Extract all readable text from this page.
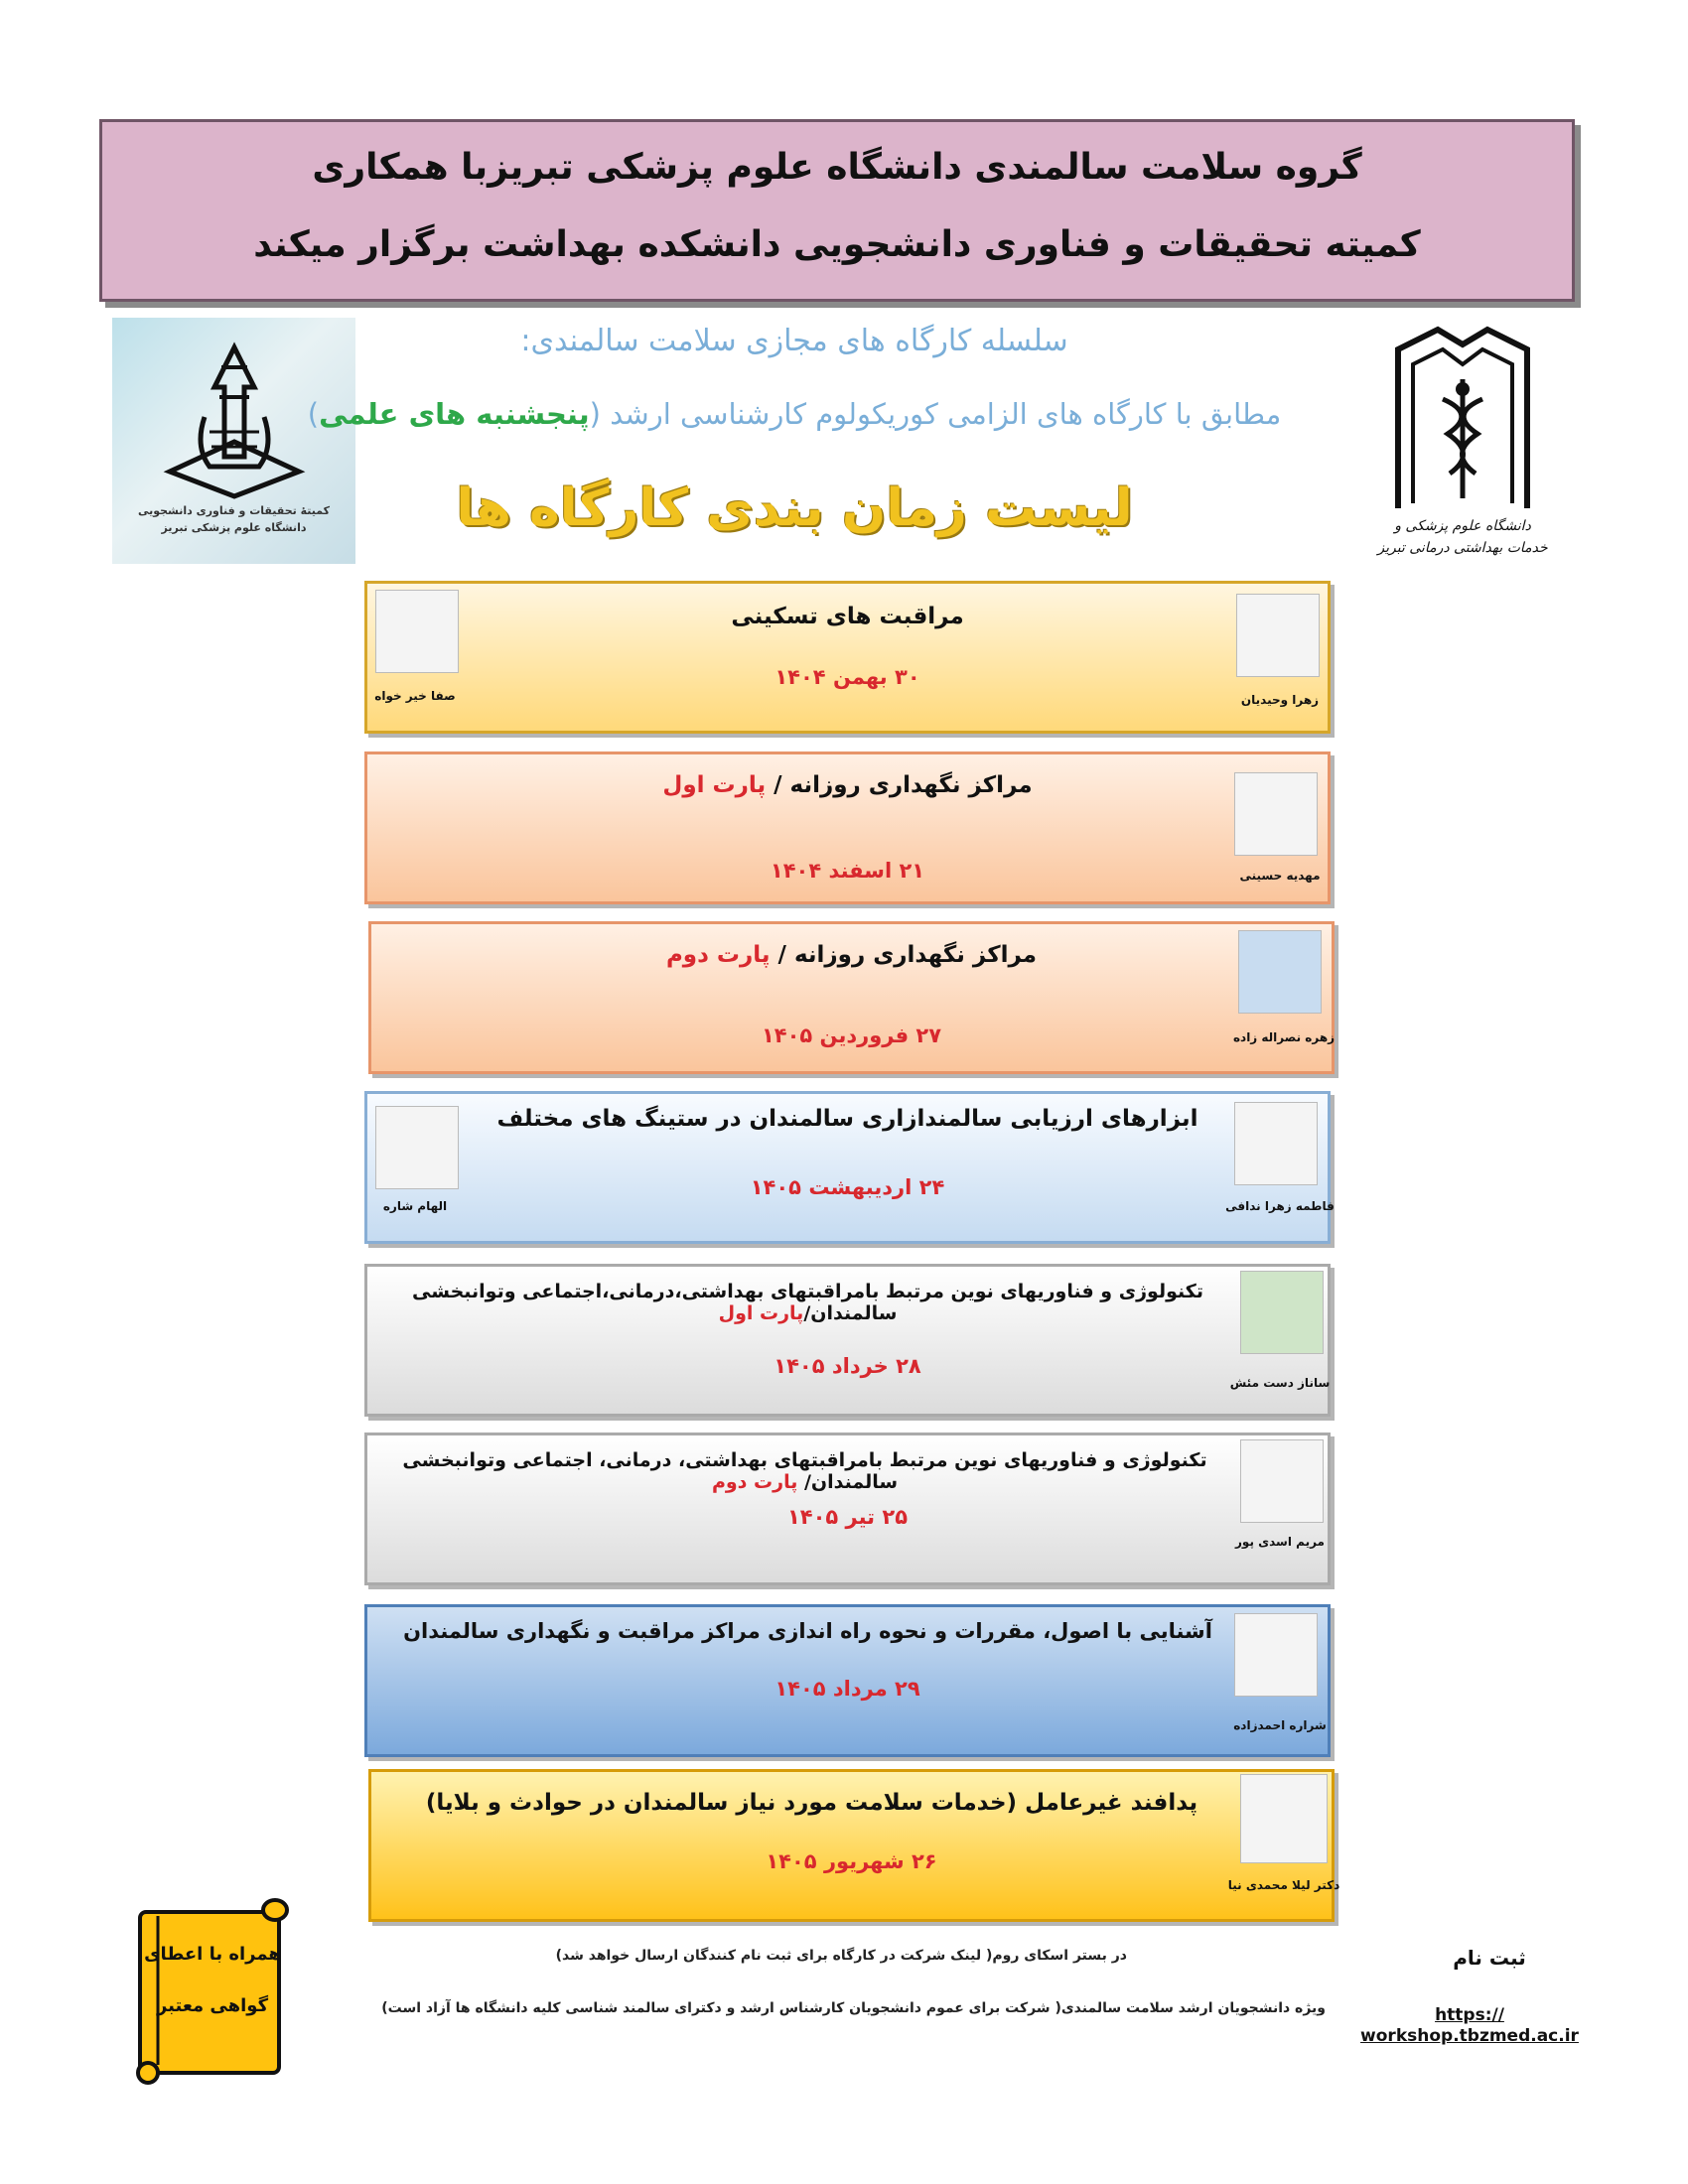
گروه سلامت سالمندی دانشگاه علوم پزشکی تبریزبا همکاری
کمیته تحقیقات و فناوری دانشجویی دانشکده بهداشت برگزار میکند
کمیتهٔ تحقیقات و فناوری دانشجویی
دانشگاه علوم پزشکی تبریز	دانشگاه علوم پزشکی و
خدمات بهداشتی درمانی تبریز
سلسله کارگاه های مجازی سلامت سالمندی:
مطابق با کارگاه های الزامی کوریکولوم کارشناسی ارشد (پنجشنبه های علمی)
لیست زمان بندی کارگاه ها
مراقبت های تسکینی
۳۰ بهمن ۱۴۰۴
زهرا وحیدیان
صفا خیر خواه
مراکز نگهداری روزانه / پارت اول
۲۱ اسفند ۱۴۰۴	مهدیه حسینی
مراکز نگهداری روزانه / پارت دوم
۲۷ فروردین ۱۴۰۵	زهره نصراله زاده
ابزارهای ارزیابی سالمندازاری سالمندان در ستینگ های مختلف
۲۴ اردیبهشت ۱۴۰۵
فاطمه زهرا ندافی
الهام شاره
تکنولوژی و فناوریهای نوین مرتبط بامراقبتهای بهداشتی،درمانی،اجتماعی وتوانبخشی سالمندان/پارت اول
۲۸ خرداد ۱۴۰۵
ساناز دست مئش
تکنولوژی و فناوریهای نوین مرتبط بامراقبتهای بهداشتی، درمانی، اجتماعی وتوانبخشی سالمندان/ پارت دوم
۲۵ تیر ۱۴۰۵
مریم اسدی پور
آشنایی با اصول، مقررات و نحوه راه اندازی مراکز مراقبت و نگهداری سالمندان
۲۹ مرداد ۱۴۰۵
شراره احمدزاده
پدافند غیرعامل (خدمات سلامت مورد نیاز سالمندان در حوادث و بلایا)
۲۶ شهریور ۱۴۰۵
دکتر لیلا محمدی نیا
همراه با اعطای
گواهی معتبر
در بستر اسکای روم( لینک شرکت در کارگاه برای ثبت نام کنندگان ارسال خواهد شد)
ویژه دانشجویان ارشد سلامت سالمندی( شرکت برای عموم دانشجویان کارشناس ارشد و دکترای سالمند شناسی کلیه دانشگاه ها آزاد است)
ثبت نام
https://
workshop.tbzmed.ac.ir
